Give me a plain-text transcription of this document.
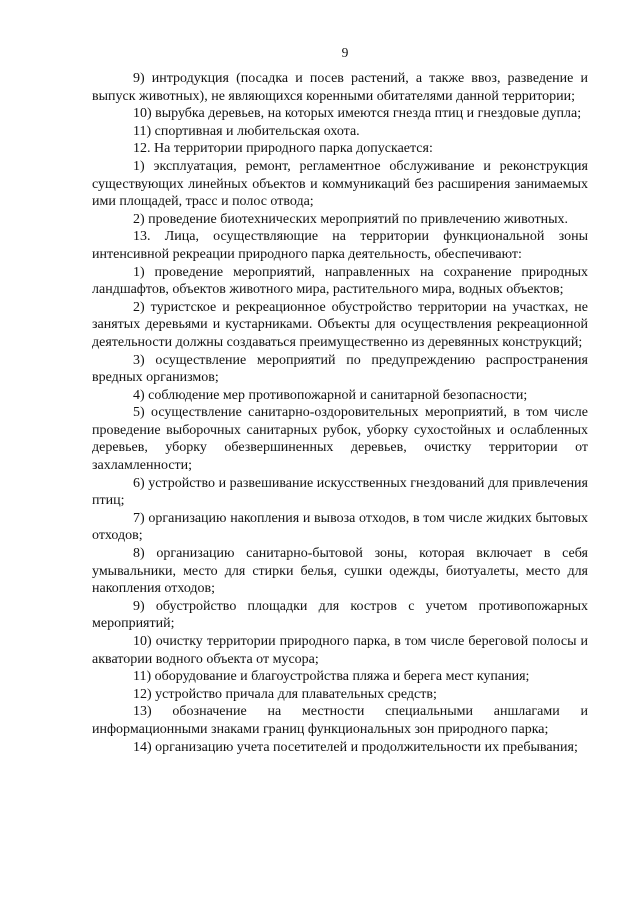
9

9) интродукция (посадка и посев растений, а также ввоз, разведение и выпуск животных), не являющихся коренными обитателями данной территории;

10) вырубка деревьев, на которых имеются гнезда птиц и гнездовые дупла;

11) спортивная и любительская охота.

12. На территории природного парка допускается:

1) эксплуатация, ремонт, регламентное обслуживание и реконструкция существующих линейных объектов и коммуникаций без расширения занимаемых ими площадей, трасс и полос отвода;

2) проведение биотехнических мероприятий по привлечению животных.

13. Лица, осуществляющие на территории функциональной зоны интенсивной рекреации природного парка деятельность, обеспечивают:

1) проведение мероприятий, направленных на сохранение природных ландшафтов, объектов животного мира, растительного мира, водных объектов;

2) туристское и рекреационное обустройство территории на участках, не занятых деревьями и кустарниками. Объекты для осуществления рекреационной деятельности должны создаваться преимущественно из деревянных конструкций;

3) осуществление мероприятий по предупреждению распространения вредных организмов;

4) соблюдение мер противопожарной и санитарной безопасности;

5) осуществление санитарно-оздоровительных мероприятий, в том числе проведение выборочных санитарных рубок, уборку сухостойных и ослабленных деревьев, уборку обезвершиненных деревьев, очистку территории от захламленности;

6) устройство и развешивание искусственных гнездований для привлечения птиц;

7) организацию накопления и вывоза отходов, в том числе жидких бытовых отходов;

8) организацию санитарно-бытовой зоны, которая включает в себя умывальники, место для стирки белья, сушки одежды, биотуалеты, место для накопления отходов;

9) обустройство площадки для костров с учетом противопожарных мероприятий;

10) очистку территории природного парка, в том числе береговой полосы и акватории водного объекта от мусора;

11) оборудование и благоустройства пляжа и берега мест купания;

12) устройство причала для плавательных средств;

13) обозначение на местности специальными аншлагами и информационными знаками границ функциональных зон природного парка;

14) организацию учета посетителей и продолжительности их пребывания;
